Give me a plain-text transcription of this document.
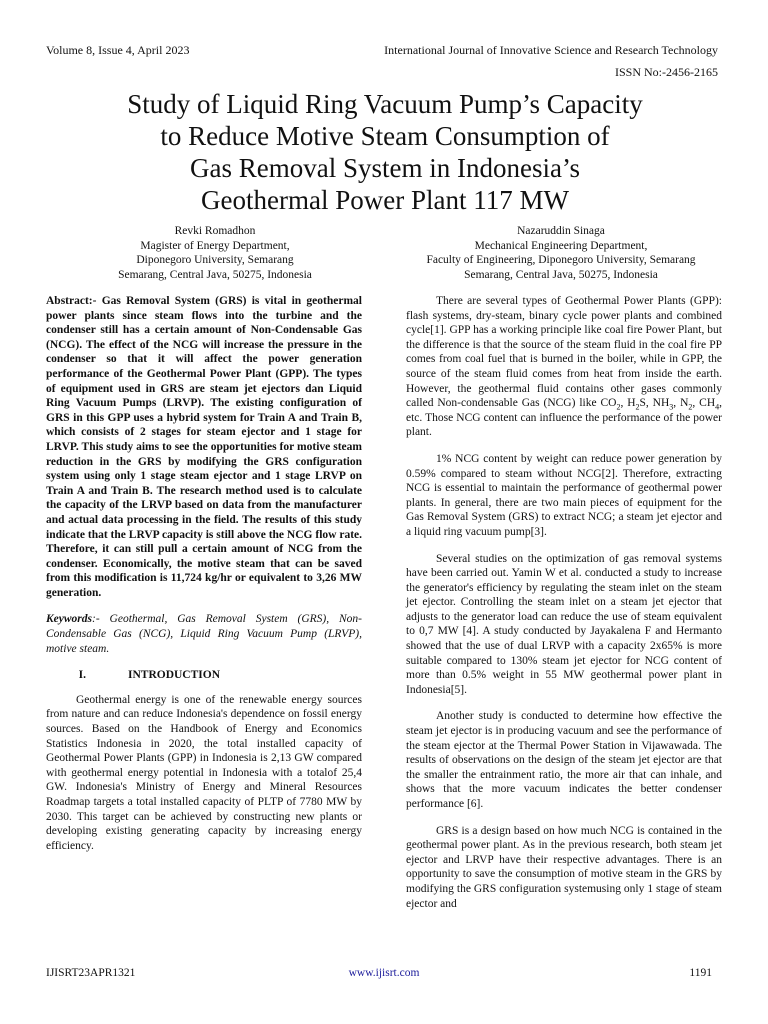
Volume 8, Issue 4, April 2023	International Journal of Innovative Science and Research Technology
ISSN No:-2456-2165
Study of Liquid Ring Vacuum Pump’s Capacity
to Reduce Motive Steam Consumption of
Gas Removal System in Indonesia’s
Geothermal Power Plant 117 MW
Revki Romadhon
Magister of Energy Department,
Diponegoro University, Semarang
Semarang, Central Java, 50275, Indonesia
Nazaruddin Sinaga
Mechanical Engineering Department,
Faculty of Engineering, Diponegoro University, Semarang
Semarang, Central Java, 50275, Indonesia

Abstract:- Gas Removal System (GRS) is vital in geothermal power plants since steam flows into the turbine and the condenser still has a certain amount of Non-Condensable Gas (NCG). The effect of the NCG will increase the pressure in the condenser so that it will affect the power generation performance of the Geothermal Power Plant (GPP). The types of equipment used in GRS are steam jet ejectors dan Liquid Ring Vacuum Pumps (LRVP). The existing configuration of GRS in this GPP uses a hybrid system for Train A and Train B, which consists of 2 stages for steam ejector and 1 stage for LRVP. This study aims to see the opportunities for motive steam reduction in the GRS by modifying the GRS configuration system using only 1 stage steam ejector and 1 stage LRVP on Train A and Train B. The research method used is to calculate the capacity of the LRVP based on data from the manufacturer and actual data processing in the field. The results of this study indicate that the LRVP capacity is still above the NCG flow rate. Therefore, it can still pull a certain amount of NCG from the condenser. Economically, the motive steam that can be saved from this modification is 11,724 kg/hr or equivalent to 3,26 MW generation.

Keywords:- Geothermal, Gas Removal System (GRS), Non-Condensable Gas (NCG), Liquid Ring Vacuum Pump (LRVP), motive steam.

I.	INTRODUCTION

Geothermal energy is one of the renewable energy sources from nature and can reduce Indonesia's dependence on fossil energy sources. Based on the Handbook of Energy and Economics Statistics Indonesia in 2020, the total installed capacity of Geothermal Power Plants (GPP) in Indonesia is 2,13 GW compared with geothermal energy potential in Indonesia with a totalof 25,4 GW. Indonesia's Ministry of Energy and Mineral Resources Roadmap targets a total installed capacity of PLTP of 7780 MW by 2030. This target can be achieved by constructing new plants or developing existing generating capacity by increasing energy efficiency.

There are several types of Geothermal Power Plants (GPP): flash systems, dry-steam, binary cycle power plants and combined cycle[1]. GPP has a working principle like coal fire Power Plant, but the difference is that the source of the steam fluid in the coal fire PP comes from coal fuel that is burned in the boiler, while in GPP, the source of the steam fluid comes from heat from inside the earth. However, the geothermal fluid contains other gases commonly called Non-condensable Gas (NCG) like $CO_2$, $H_2S$, $NH_3$, $N_2$, $CH_4$, etc. Those NCG content can influence the performance of the power plant.

1% NCG content by weight can reduce power generation by 0.59% compared to steam without NCG[2]. Therefore, extracting NCG is essential to maintain the performance of geothermal power plants. In general, there are two main pieces of equipment for the Gas Removal System (GRS) to extract NCG; a steam jet ejector and a liquid ring vacuum pump[3].

Several studies on the optimization of gas removal systems have been carried out. Yamin W et al. conducted a study to increase the generator's efficiency by regulating the steam inlet on the steam jet ejector. Controlling the steam inlet on a steam jet ejector that adjusts to the generator load can reduce the use of steam equivalent to 0,7 MW [4]. A study conducted by Jayakalena F and Hermanto showed that the use of dual LRVP with a capacity 2x65% is more suitable compared to 130% steam jet ejector for NCG content of more than 0.5% weight in 55 MW geothermal power plant in Indonesia[5].

Another study is conducted to determine how effective the steam jet ejector is in producing vacuum and see the performance of the steam ejector at the Thermal Power Station in Vijawawada. The results of observations on the design of the steam jet ejector are that the smaller the entrainment ratio, the more air that can inhale, and shows that the more vacuum indicates the better condenser performance [6].

GRS is a design based on how much NCG is contained in the geothermal power plant. As in the previous research, both steam jet ejector and LRVP have their respective advantages. There is an opportunity to save the consumption of motive steam in the GRS by modifying the GRS configuration systemusing only 1 stage of steam ejector and

IJISRT23APR1321	www.ijisrt.com	1191
